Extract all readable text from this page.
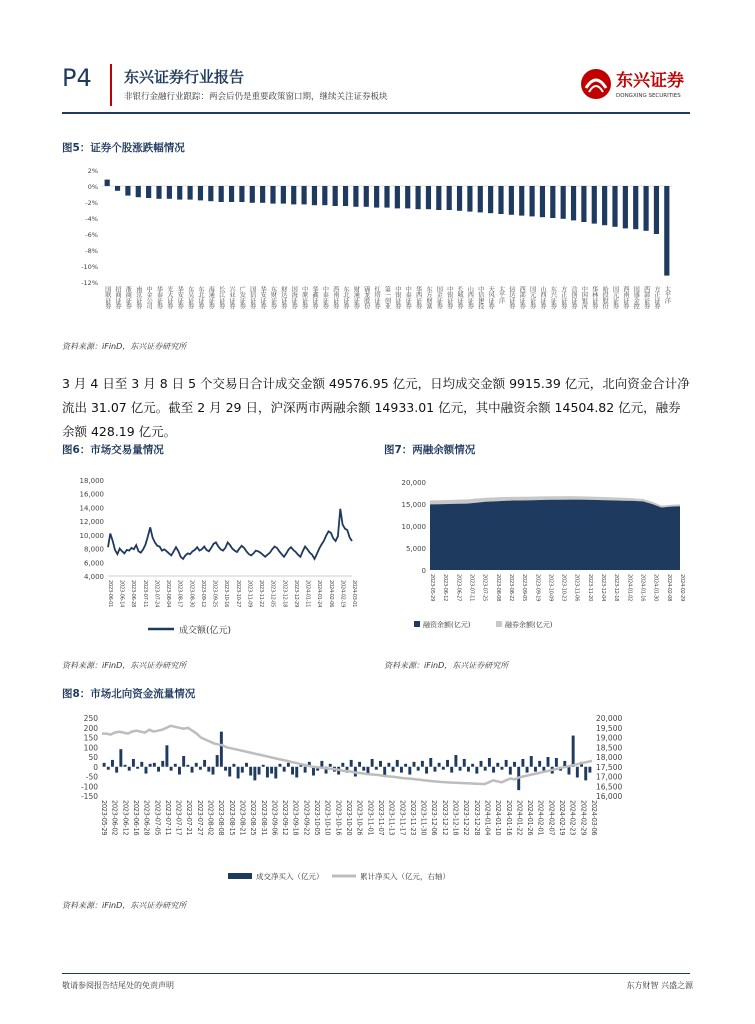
P4 东兴证券行业报告
非银行金融行业跟踪：两会后仍是重要政策窗口期，继续关注证券板块
东兴证券
DONGXING SECURITIES
图5：证券个股涨跌幅情况
2%
0%
-2%
-4%
-6%
-8%
-10%
-12%
国联证券 招商证券 浙商证券 南京证券 中金公司 华泰证券 光大证券 华安证券 东吴证券 东北证券 海通证券 长江证券 兴业证券 广发证券 国信证券 华安证券 东财证券 财达证券 国海证券 中原证券 华鑫证券 中泰证券 西南证券 东北证券 财通证券 锦龙股份 红塔证券 第一创业 中银证券 中泰证券 华西证券 东方财富 国金证券 中银证券 长城证券 山西证券 中信建投 天风证券 太平洋 信达证券 西部证券 国元证券 山西证券 东兴证券 方正证券 首创证券 中国银河 华林证券 哈投股份 国元证券 西南证券 国盛金控 西部证券 方正证券 太平洋
资料来源：iFinD，东兴证券研究所
3 月 4 日至 3 月 8 日 5 个交易日合计成交金额 49576.95 亿元，日均成交金额 9915.39 亿元，北向资金合计净流出 31.07 亿元。截至 2 月 29 日，沪深两市两融余额 14933.01 亿元，其中融资余额 14504.82 亿元，融券余额 428.19 亿元。
图6：市场交易量情况
18,000
16,000
14,000
12,000
10,000
8,000
6,000
4,000
2023-06-01 2023-06-14 2023-06-28 2023-07-11 2023-07-24 2023-08-04 2023-08-17 2023-08-30 2023-09-12 2023-09-25 2023-10-16 2023-10-27 2023-11-09 2023-11-22 2023-12-05 2023-12-18 2023-12-29 2024-01-11 2024-01-24 2024-02-06 2024-02-19 2024-03-01
成交额(亿元)
资料来源：iFinD，东兴证券研究所
图7：两融余额情况
20,000
15,000
10,000
5,000
0
2023-05-29 2023-06-12 2023-06-27 2023-07-11 2023-07-25 2023-08-08 2023-08-22 2023-09-05 2023-09-19 2023-10-09 2023-10-23 2023-11-06 2023-11-20 2023-12-04 2023-12-18 2024-01-02 2024-01-16 2024-01-30 2024-02-08 2024-02-29
融资余额(亿元)	融券余额(亿元)
资料来源：iFinD，东兴证券研究所
图8：市场北向资金流量情况
250
200
150
100
50
0
-50
-100
-150
20,000
19,500
19,000
18,500
18,000
17,500
17,000
16,500
16,000
2023-05-29 2023-06-02 2023-06-12 2023-06-16 2023-06-28 2023-07-05 2023-07-11 2023-07-17 2023-07-21 2023-07-27 2023-08-02 2023-08-08 2023-08-15 2023-08-21 2023-08-25 2023-08-31 2023-09-06 2023-09-12 2023-09-18 2023-09-22 2023-10-05 2023-10-10 2023-10-16 2023-10-20 2023-10-26 2023-11-01 2023-11-07 2023-11-13 2023-11-17 2023-11-23 2023-11-30 2023-12-06 2023-12-12 2023-12-18 2023-12-22 2023-12-28 2024-01-04 2024-01-10 2024-01-16 2024-01-22 2024-01-26 2024-02-01 2024-02-07 2024-02-19 2024-02-23 2024-02-29 2024-03-06
成交净买入（亿元）	累计净买入（亿元，右轴）
资料来源：iFinD，东兴证券研究所
敬请参阅报告结尾处的免责声明	东方财智 兴盛之源
